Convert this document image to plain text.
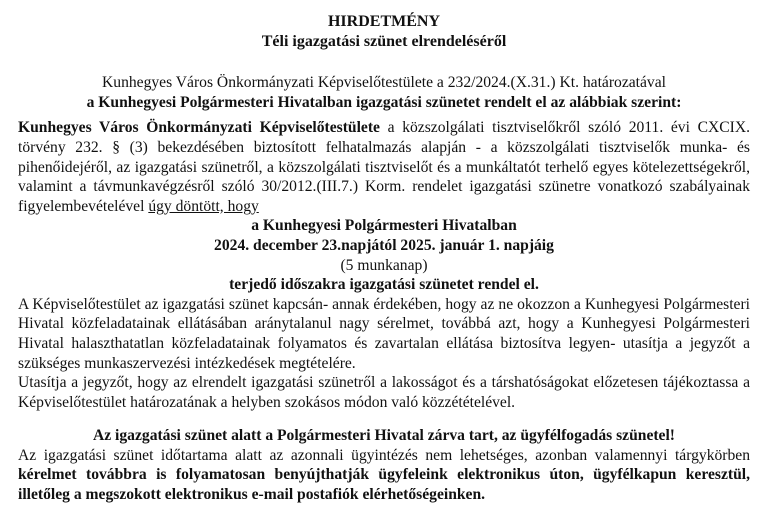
HIRDETMÉNY
Téli igazgatási szünet elrendeléséről
Kunhegyes Város Önkormányzati Képviselőtestülete a 232/2024.(X.31.) Kt. határozatával
a Kunhegyesi Polgármesteri Hivatalban igazgatási szünetet rendelt el az alábbiak szerint:

Kunhegyes Város Önkormányzati Képviselőtestülete a közszolgálati tisztviselőkről szóló 2011. évi CXCIX. törvény 232. § (3) bekezdésében biztosított felhatalmazás alapján - a közszolgálati tisztviselők munka- és pihenőidejéről, az igazgatási szünetről, a közszolgálati tisztviselőt és a munkáltatót terhelő egyes kötelezettségekről, valamint a távmunkavégzésről szóló 30/2012.(III.7.) Korm. rendelet igazgatási szünetre vonatkozó szabályainak figyelembevételével úgy döntött, hogy

a Kunhegyesi Polgármesteri Hivatalban
2024. december 23.napjától 2025. január 1. napjáig
(5 munkanap)
terjedő időszakra igazgatási szünetet rendel el.

A Képviselőtestület az igazgatási szünet kapcsán- annak érdekében, hogy az ne okozzon a Kunhegyesi Polgármesteri Hivatal közfeladatainak ellátásában aránytalanul nagy sérelmet, továbbá azt, hogy a Kunhegyesi Polgármesteri Hivatal halaszthatatlan közfeladatainak folyamatos és zavartalan ellátása biztosítva legyen- utasítja a jegyzőt a szükséges munkaszervezési intézkedések megtételére.

Utasítja a jegyzőt, hogy az elrendelt igazgatási szünetről a lakosságot és a társhatóságokat előzetesen tájékoztassa a Képviselőtestület határozatának a helyben szokásos módon való közzétételével.

Az igazgatási szünet alatt a Polgármesteri Hivatal zárva tart, az ügyfélfogadás szünetel!

Az igazgatási szünet időtartama alatt az azonnali ügyintézés nem lehetséges, azonban valamennyi tárgykörben kérelmet továbbra is folyamatosan benyújthatják ügyfeleink elektronikus úton, ügyfélkapun keresztül, illetőleg a megszokott elektronikus e-mail postafiók elérhetőségeinken.
